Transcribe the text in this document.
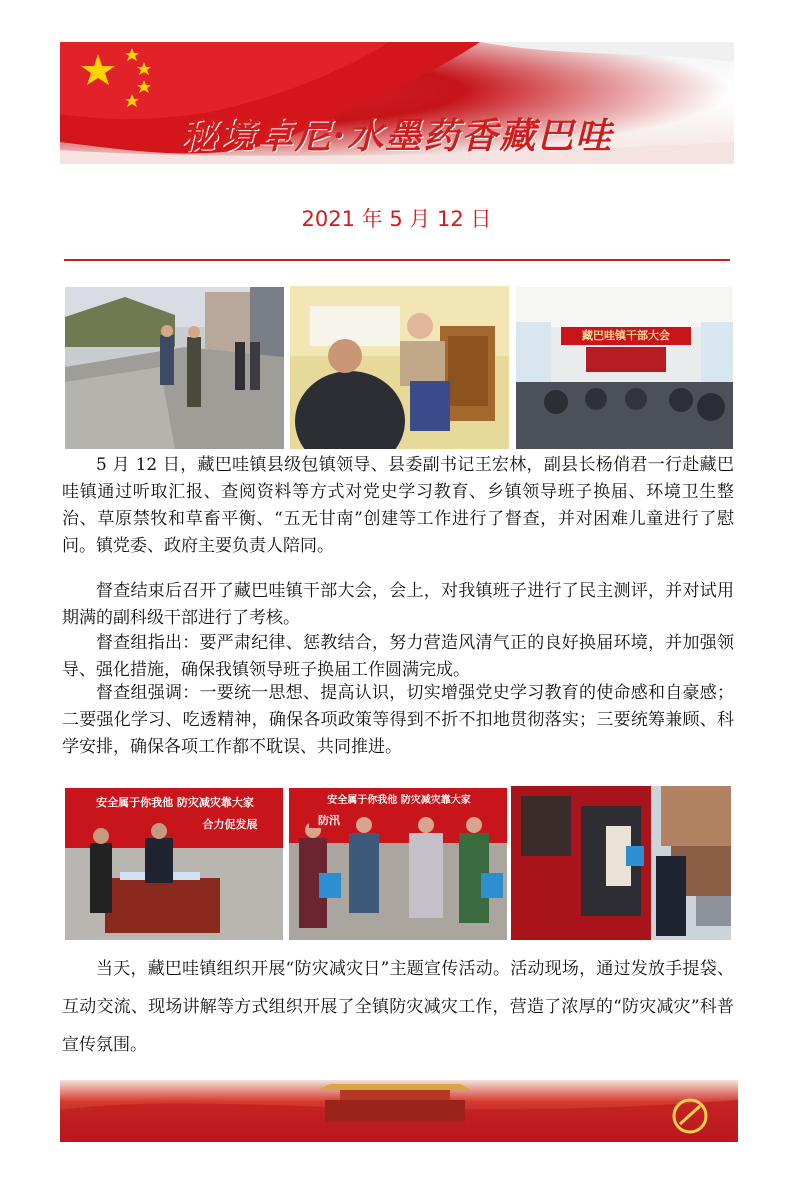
秘境卓尼·水墨药香藏巴哇
2021 年 5 月 12 日
藏巴哇镇干部大会

5 月 12 日，藏巴哇镇县级包镇领导、县委副书记王宏林，副县长杨俏君一行赴藏巴哇镇通过听取汇报、查阅资料等方式对党史学习教育、乡镇领导班子换届、环境卫生整治、草原禁牧和草畜平衡、“五无甘南”创建等工作进行了督查，并对困难儿童进行了慰问。镇党委、政府主要负责人陪同。

督查结束后召开了藏巴哇镇干部大会，会上，对我镇班子进行了民主测评，并对试用期满的副科级干部进行了考核。

督查组指出：要严肃纪律、惩教结合，努力营造风清气正的良好换届环境，并加强领导、强化措施，确保我镇领导班子换届工作圆满完成。

督查组强调：一要统一思想、提高认识，切实增强党史学习教育的使命感和自豪感；二要强化学习、吃透精神，确保各项政策等得到不折不扣地贯彻落实；三要统筹兼顾、科学安排，确保各项工作都不耽误、共同推进。

安全属于你我他 防灾减灾靠大家
合力促发展
安全属于你我他 防灾减灾靠大家
防汛

当天，藏巴哇镇组织开展“防灾减灾日”主题宣传活动。活动现场，通过发放手提袋、互动交流、现场讲解等方式组织开展了全镇防灾减灾工作，营造了浓厚的“防灾减灾”科普宣传氛围。
